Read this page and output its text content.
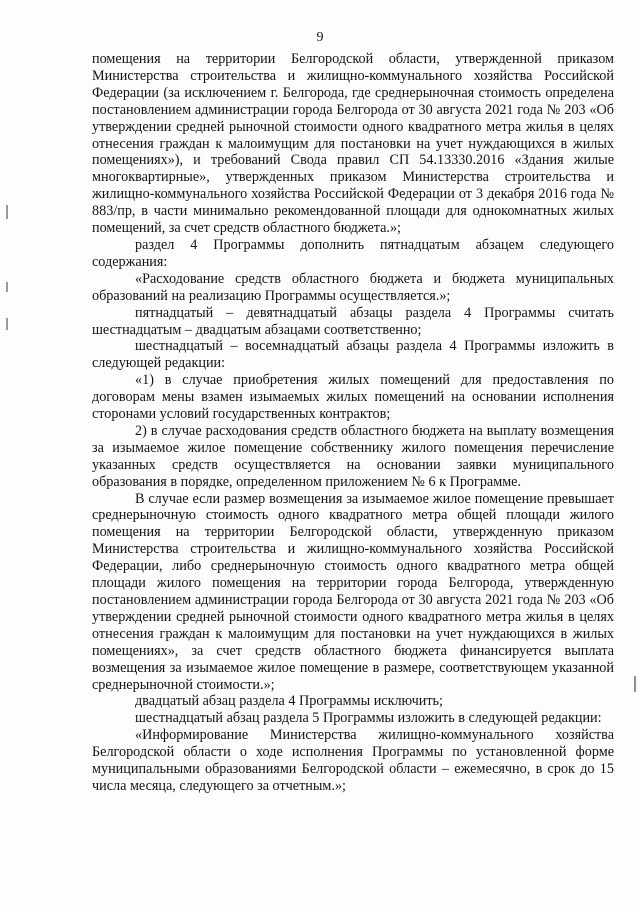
9

помещения на территории Белгородской области, утвержденной приказом Министерства строительства и жилищно-коммунального хозяйства Российской Федерации (за исключением г. Белгорода, где среднерыночная стоимость определена постановлением администрации города Белгорода от 30 августа 2021 года № 203 «Об утверждении средней рыночной стоимости одного квадратного метра жилья в целях отнесения граждан к малоимущим для постановки на учет нуждающихся в жилых помещениях»), и требований Свода правил СП 54.13330.2016 «Здания жилые многоквартирные», утвержденных приказом Министерства строительства и жилищно-коммунального хозяйства Российской Федерации от 3 декабря 2016 года № 883/пр, в части минимально рекомендованной площади для однокомнатных жилых помещений, за счет средств областного бюджета.»;

раздел 4 Программы дополнить пятнадцатым абзацем следующего содержания:

«Расходование средств областного бюджета и бюджета муниципальных образований на реализацию Программы осуществляется.»;

пятнадцатый – девятнадцатый абзацы раздела 4 Программы считать шестнадцатым – двадцатым абзацами соответственно;

шестнадцатый – восемнадцатый абзацы раздела 4 Программы изложить в следующей редакции:

«1) в случае приобретения жилых помещений для предоставления по договорам мены взамен изымаемых жилых помещений на основании исполнения сторонами условий государственных контрактов;

2) в случае расходования средств областного бюджета на выплату возмещения за изымаемое жилое помещение собственнику жилого помещения перечисление указанных средств осуществляется на основании заявки муниципального образования в порядке, определенном приложением № 6 к Программе.

В случае если размер возмещения за изымаемое жилое помещение превышает среднерыночную стоимость одного квадратного метра общей площади жилого помещения на территории Белгородской области, утвержденную приказом Министерства строительства и жилищно-коммунального хозяйства Российской Федерации, либо среднерыночную стоимость одного квадратного метра общей площади жилого помещения на территории города Белгорода, утвержденную постановлением администрации города Белгорода от 30 августа 2021 года № 203 «Об утверждении средней рыночной стоимости одного квадратного метра жилья в целях отнесения граждан к малоимущим для постановки на учет нуждающихся в жилых помещениях», за счет средств областного бюджета финансируется выплата возмещения за изымаемое жилое помещение в размере, соответствующем указанной среднерыночной стоимости.»;

двадцатый абзац раздела 4 Программы исключить;

шестнадцатый абзац раздела 5 Программы изложить в следующей редакции:

«Информирование Министерства жилищно-коммунального хозяйства Белгородской области о ходе исполнения Программы по установленной форме муниципальными образованиями Белгородской области – ежемесячно, в срок до 15 числа месяца, следующего за отчетным.»;
